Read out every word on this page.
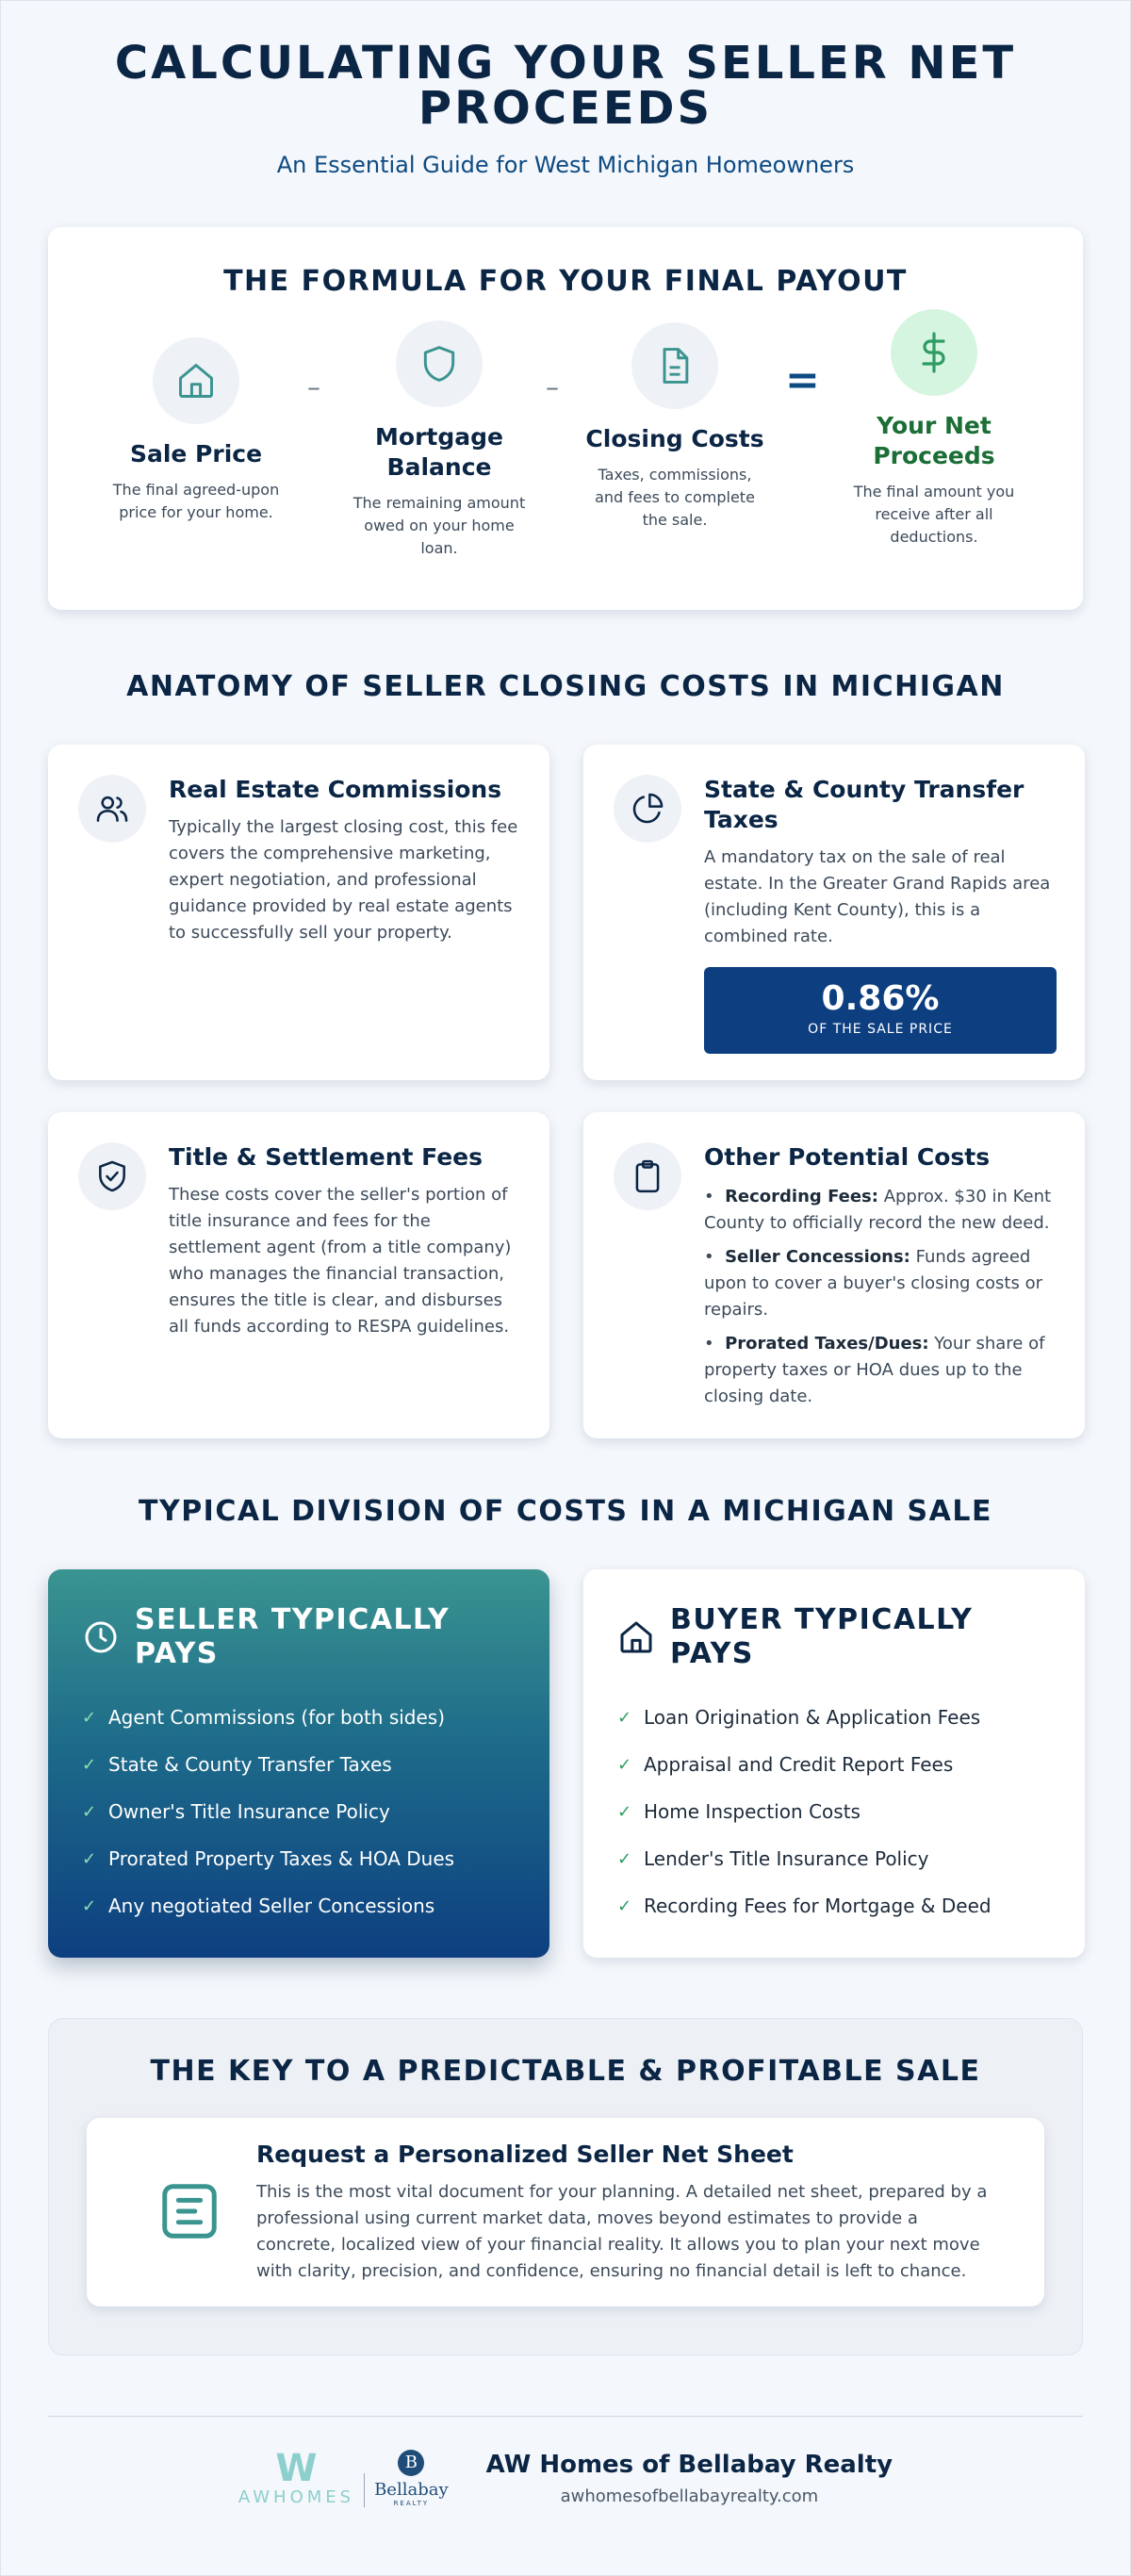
CALCULATING YOUR SELLER NET PROCEEDS
An Essential Guide for West Michigan Homeowners
THE FORMULA FOR YOUR FINAL PAYOUT
Sale Price
The final agreed-upon price for your home.
–
Mortgage Balance
The remaining amount owed on your home loan.
–
Closing Costs
Taxes, commissions, and fees to complete the sale.
=
Your Net Proceeds
The final amount you receive after all deductions.
ANATOMY OF SELLER CLOSING COSTS IN MICHIGAN
Real Estate Commissions
Typically the largest closing cost, this fee covers the comprehensive marketing, expert negotiation, and professional guidance provided by real estate agents to successfully sell your property.
State & County Transfer Taxes
A mandatory tax on the sale of real estate. In the Greater Grand Rapids area (including Kent County), this is a combined rate.
0.86%
OF THE SALE PRICE
Title & Settlement Fees
These costs cover the seller's portion of title insurance and fees for the settlement agent (from a title company) who manages the financial transaction, ensures the title is clear, and disburses all funds according to RESPA guidelines.
Other Potential Costs
•  Recording Fees: Approx. $30 in Kent County to officially record the new deed.
•  Seller Concessions: Funds agreed upon to cover a buyer's closing costs or repairs.
•  Prorated Taxes/Dues: Your share of property taxes or HOA dues up to the closing date.
TYPICAL DIVISION OF COSTS IN A MICHIGAN SALE
SELLER TYPICALLY PAYS
✓ Agent Commissions (for both sides)
✓ State & County Transfer Taxes
✓ Owner's Title Insurance Policy
✓ Prorated Property Taxes & HOA Dues
✓ Any negotiated Seller Concessions
BUYER TYPICALLY PAYS
✓ Loan Origination & Application Fees
✓ Appraisal and Credit Report Fees
✓ Home Inspection Costs
✓ Lender's Title Insurance Policy
✓ Recording Fees for Mortgage & Deed
THE KEY TO A PREDICTABLE & PROFITABLE SALE
Request a Personalized Seller Net Sheet
This is the most vital document for your planning. A detailed net sheet, prepared by a professional using current market data, moves beyond estimates to provide a concrete, localized view of your financial reality. It allows you to plan your next move with clarity, precision, and confidence, ensuring no financial detail is left to chance.
W
AWHOMES
B
Bellabay
REALTY
AW Homes of Bellabay Realty
awhomesofbellabayrealty.com
